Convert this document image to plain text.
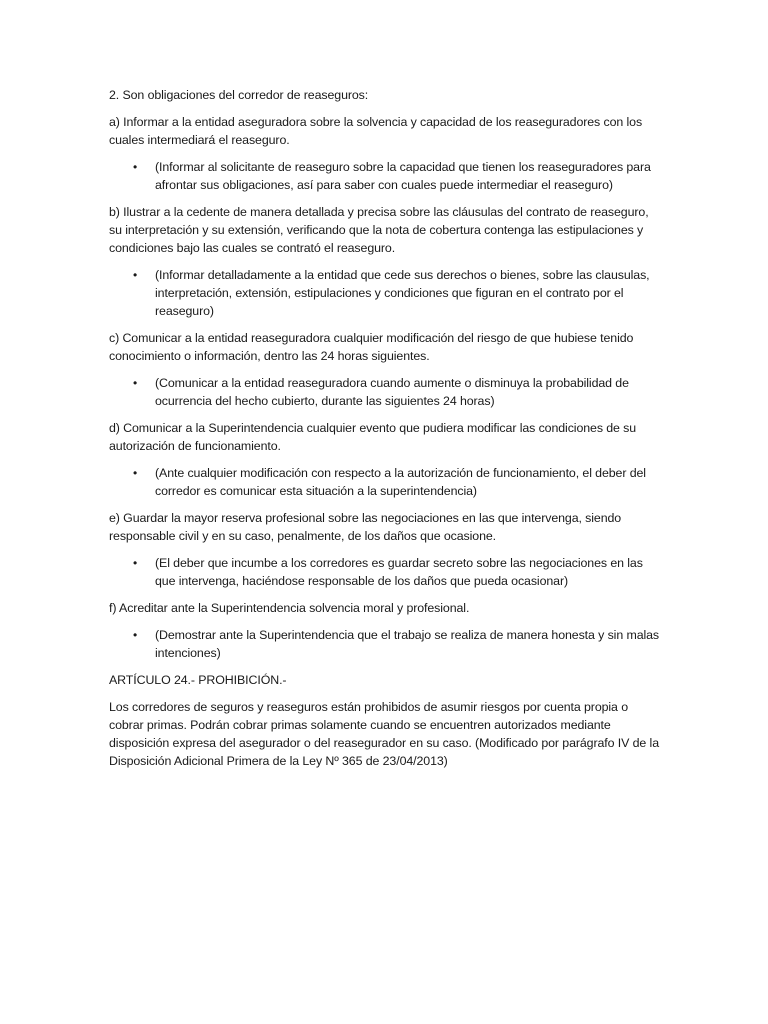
2. Son obligaciones del corredor de reaseguros:

a) Informar a la entidad aseguradora sobre la solvencia y capacidad de los reaseguradores con los cuales intermediará el reaseguro.

• (Informar al solicitante de reaseguro sobre la capacidad que tienen los reaseguradores para afrontar sus obligaciones, así para saber con cuales puede intermediar el reaseguro)

b) Ilustrar a la cedente de manera detallada y precisa sobre las cláusulas del contrato de reaseguro, su interpretación y su extensión, verificando que la nota de cobertura contenga las estipulaciones y condiciones bajo las cuales se contrató el reaseguro.

• (Informar detalladamente a la entidad que cede sus derechos o bienes, sobre las clausulas, interpretación, extensión, estipulaciones y condiciones que figuran en el contrato por el reaseguro)

c) Comunicar a la entidad reaseguradora cualquier modificación del riesgo de que hubiese tenido conocimiento o información, dentro las 24 horas siguientes.

• (Comunicar a la entidad reaseguradora cuando aumente o disminuya la probabilidad de ocurrencia del hecho cubierto, durante las siguientes 24 horas)

d) Comunicar a la Superintendencia cualquier evento que pudiera modificar las condiciones de su autorización de funcionamiento.

• (Ante cualquier modificación con respecto a la autorización de funcionamiento, el deber del corredor es comunicar esta situación a la superintendencia)

e) Guardar la mayor reserva profesional sobre las negociaciones en las que intervenga, siendo responsable civil y en su caso, penalmente, de los daños que ocasione.

• (El deber que incumbe a los corredores es guardar secreto sobre las negociaciones en las que intervenga, haciéndose responsable de los daños que pueda ocasionar)

f) Acreditar ante la Superintendencia solvencia moral y profesional.

• (Demostrar ante la Superintendencia que el trabajo se realiza de manera honesta y sin malas intenciones)

ARTÍCULO 24.- PROHIBICIÓN.-

Los corredores de seguros y reaseguros están prohibidos de asumir riesgos por cuenta propia o cobrar primas. Podrán cobrar primas solamente cuando se encuentren autorizados mediante disposición expresa del asegurador o del reasegurador en su caso. (Modificado por parágrafo IV de la Disposición Adicional Primera de la Ley Nº 365 de 23/04/2013)
